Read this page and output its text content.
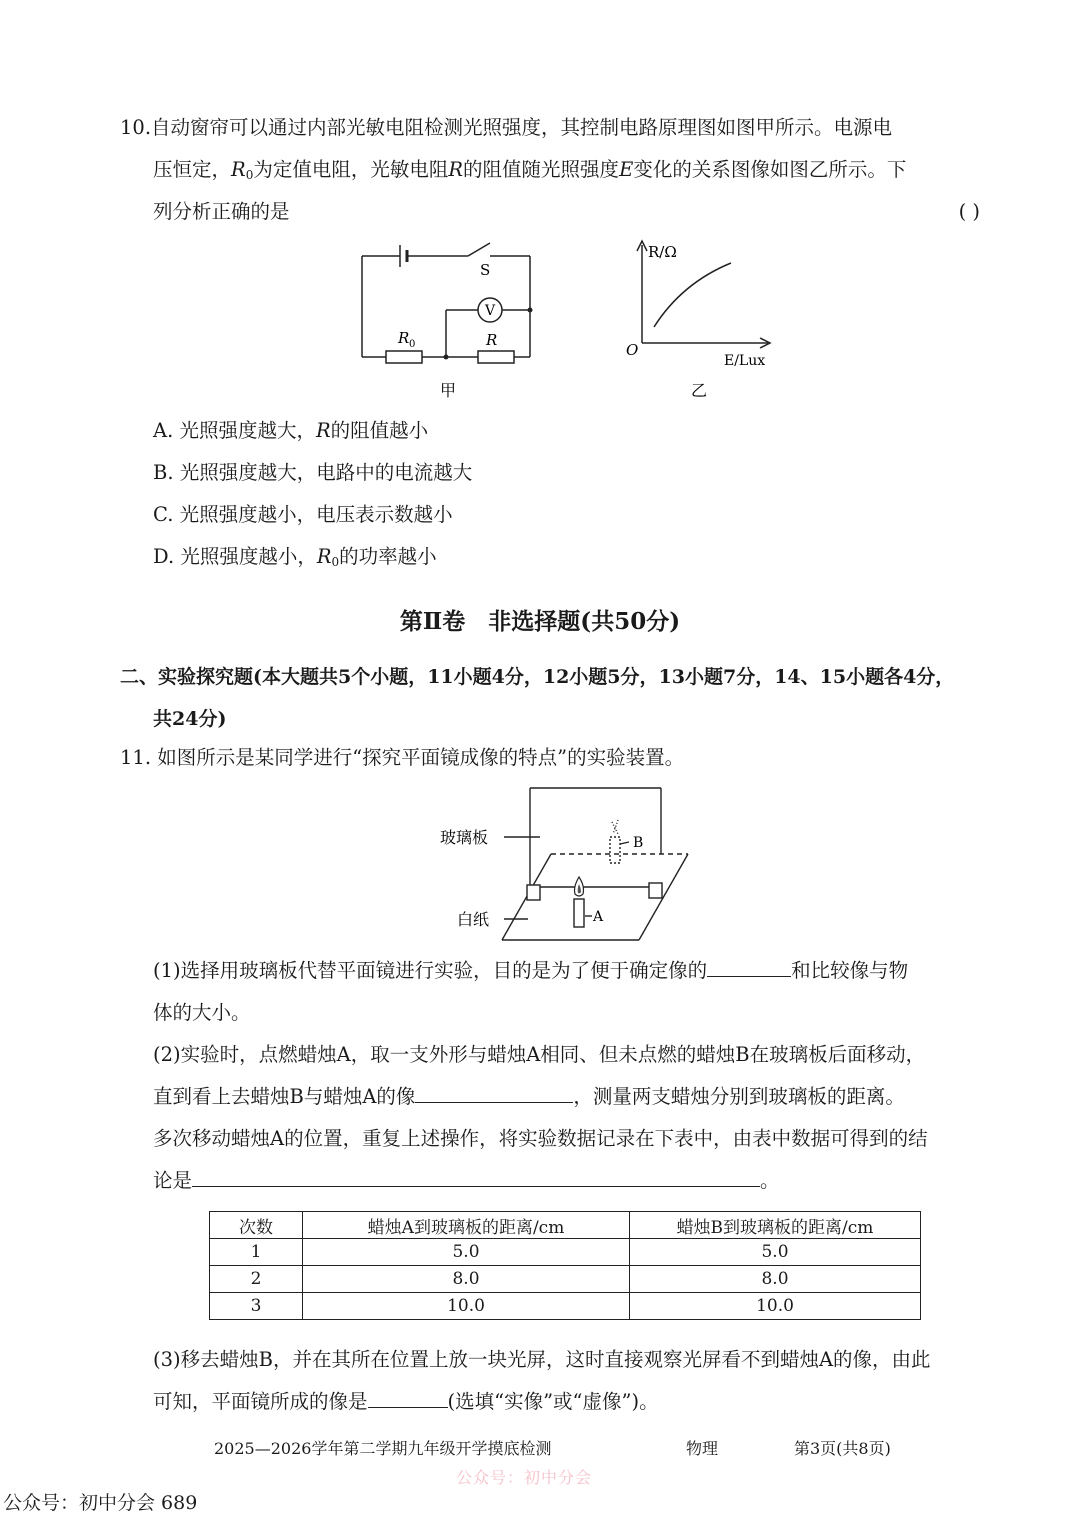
10.自动窗帘可以通过内部光敏电阻检测光照强度，其控制电路原理图如图甲所示。电源电
压恒定，$R_0$为定值电阻，光敏电阻R的阻值随光照强度E变化的关系图像如图乙所示。下
列分析正确的是	( )
S
V
R 0	R
甲
R/Ω
O
E/Lux
乙
A. 光照强度越大，R的阻值越小
B. 光照强度越大，电路中的电流越大
C. 光照强度越小，电压表示数越小
D. 光照强度越小，$R_0$的功率越小
第Ⅱ卷　非选择题(共50分)
二、实验探究题(本大题共5个小题，11小题4分，12小题5分，13小题7分，14、15小题各4分，
共24分)
11. 如图所示是某同学进行“探究平面镜成像的特点”的实验装置。
玻璃板
白纸
B
A
(1)选择用玻璃板代替平面镜进行实验，目的是为了便于确定像的	和比较像与物
体的大小。
(2)实验时，点燃蜡烛A，取一支外形与蜡烛A相同、但未点燃的蜡烛B在玻璃板后面移动，
直到看上去蜡烛B与蜡烛A的像	，测量两支蜡烛分别到玻璃板的距离。
多次移动蜡烛A的位置，重复上述操作，将实验数据记录在下表中，由表中数据可得到的结
论是	。
次数	蜡烛A到玻璃板的距离/cm	蜡烛B到玻璃板的距离/cm
1	5.0	5.0
2	8.0	8.0
3	10.0	10.0
(3)移去蜡烛B，并在其所在位置上放一块光屏，这时直接观察光屏看不到蜡烛A的像，由此
可知，平面镜所成的像是	(选填“实像”或“虚像”)。
2025—2026学年第二学期九年级开学摸底检测	物理	第3页(共8页)
公众号：初中分会
公众号：初中分会 689
